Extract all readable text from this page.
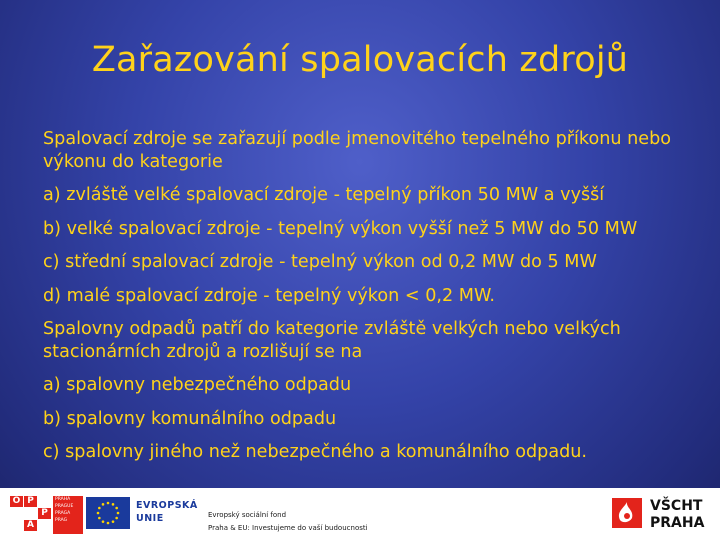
Zařazování spalovacích zdrojů

Spalovací zdroje se zařazují podle jmenovitého tepelného příkonu nebo výkonu do kategorie

a) zvláště velké spalovací zdroje - tepelný příkon 50 MW a vyšší

b) velké spalovací zdroje - tepelný výkon vyšší než 5 MW do 50 MW

c) střední spalovací zdroje - tepelný výkon od 0,2 MW do 5 MW

d) malé spalovací zdroje - tepelný výkon < 0,2 MW.

Spalovny odpadů patří do kategorie zvláště velkých nebo velkých stacionárních zdrojů a rozlišují se na

a) spalovny nebezpečného odpadu

b) spalovny komunálního odpadu

c) spalovny jiného než nebezpečného a komunálního odpadu.

O P
P
A
PRAHA
PRAGUE
PRAGA
PRAG
EVROPSKÁ
UNIE	Evropský sociální fond
Praha & EU: Investujeme do vaší budoucnosti
VŠCHT
PRAHA
